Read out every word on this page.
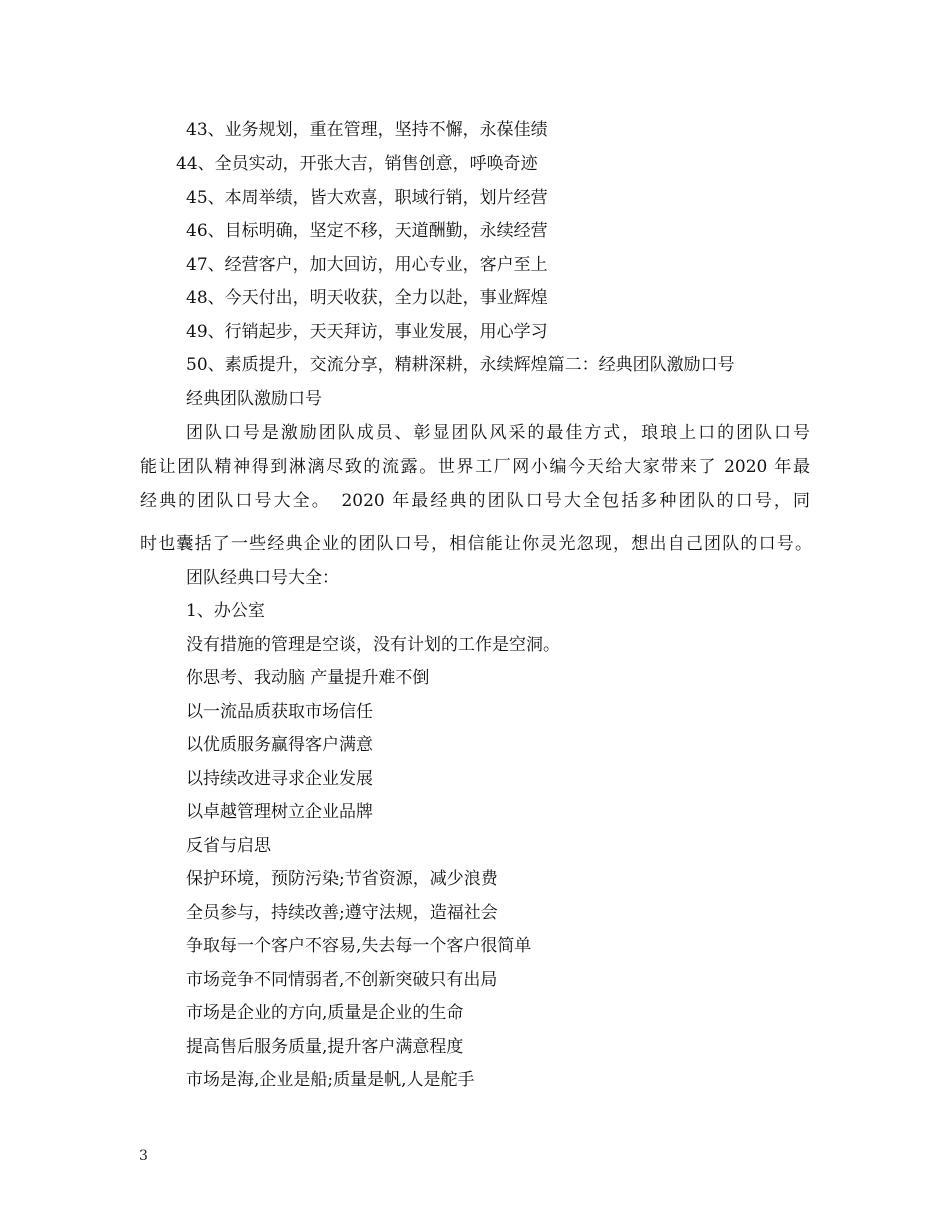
43、业务规划，重在管理，坚持不懈，永葆佳绩
44、全员实动，开张大吉，销售创意，呼唤奇迹
45、本周举绩，皆大欢喜，职域行销，划片经营
46、目标明确，坚定不移，天道酬勤，永续经营
47、经营客户，加大回访，用心专业，客户至上
48、今天付出，明天收获，全力以赴，事业辉煌
49、行销起步，天天拜访，事业发展，用心学习
50、素质提升，交流分享，精耕深耕，永续辉煌篇二：经典团队激励口号
经典团队激励口号
团队口号是激励团队成员、彰显团队风采的最佳方式，琅琅上口的团队口号
能让团队精神得到淋漓尽致的流露。世界工厂网小编今天给大家带来了 2020 年最
经典的团队口号大全。　2020 年最经典的团队口号大全包括多种团队的口号，同
时也囊括了一些经典企业的团队口号，相信能让你灵光忽现，想出自己团队的口号。
团队经典口号大全：
1、办公室
没有措施的管理是空谈，没有计划的工作是空洞。
你思考、我动脑 产量提升难不倒
以一流品质获取市场信任
以优质服务赢得客户满意
以持续改进寻求企业发展
以卓越管理树立企业品牌
反省与启思
保护环境，预防污染;节省资源，减少浪费
全员参与，持续改善;遵守法规，造福社会
争取每一个客户不容易,失去每一个客户很简单
市场竞争不同情弱者,不创新突破只有出局
市场是企业的方向,质量是企业的生命
提高售后服务质量,提升客户满意程度
市场是海,企业是船;质量是帆,人是舵手
3
